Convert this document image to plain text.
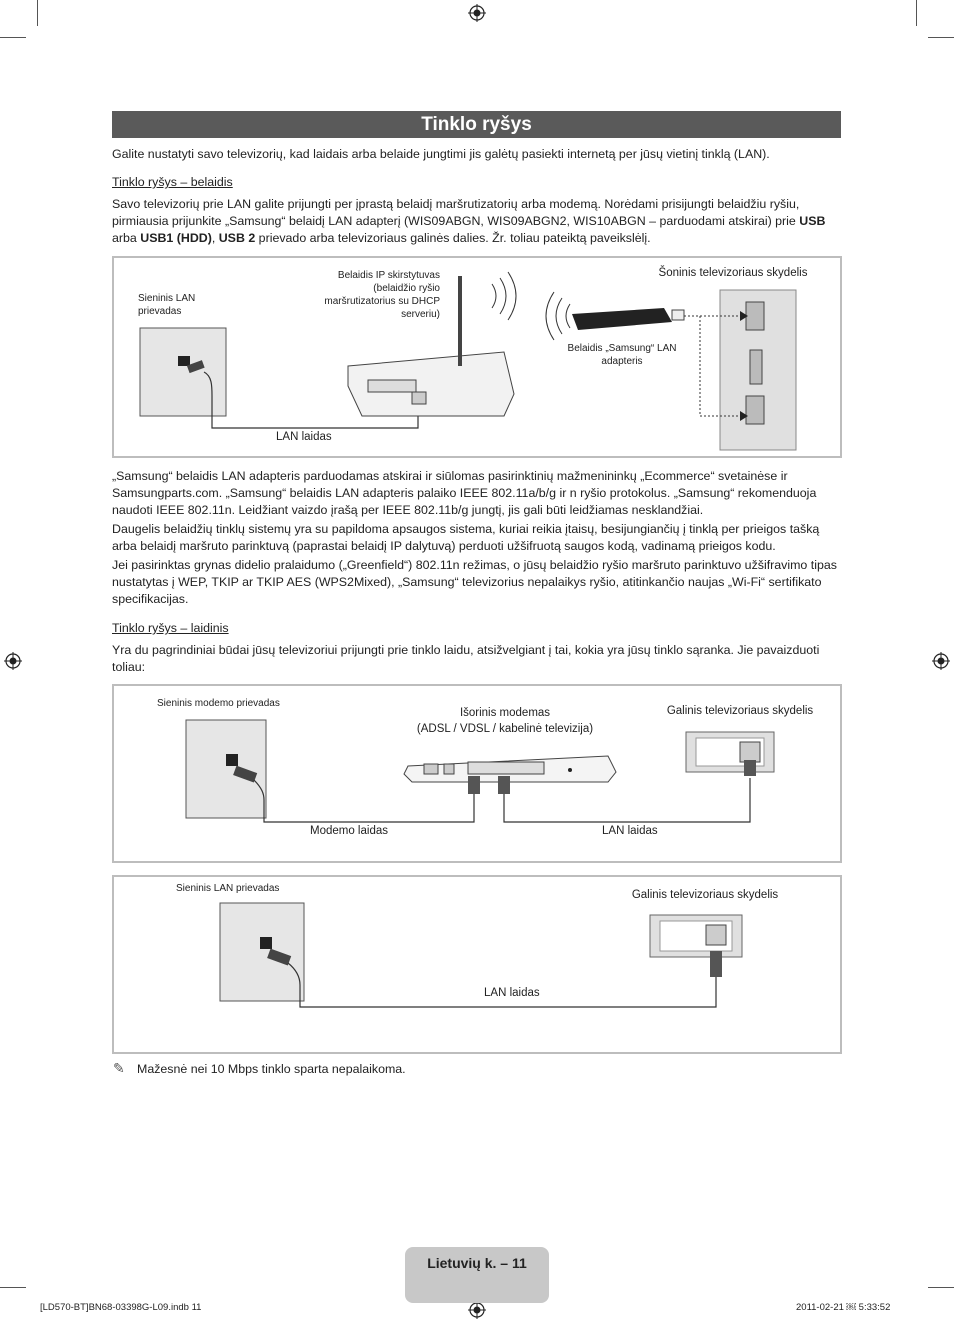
Tinklo ryšys
Galite nustatyti savo televizorių, kad laidais arba belaide jungtimi jis galėtų pasiekti internetą per jūsų vietinį tinklą (LAN).
Tinklo ryšys – belaidis
Savo televizorių prie LAN galite prijungti per įprastą belaidį maršrutizatorių arba modemą. Norėdami prisijungti belaidžiu ryšiu, pirmiausia prijunkite „Samsung“ belaidį LAN adapterį (WIS09ABGN, WIS09ABGN2, WIS10ABGN – parduodami atskirai) prie USB arba USB1 (HDD), USB 2 prievado arba televizoriaus galinės dalies. Žr. toliau pateiktą paveikslėlį.
Sieninis LAN prievadas
Belaidis IP skirstytuvas (belaidžio ryšio maršrutizatorius su DHCP serveriu)
Šoninis televizoriaus skydelis
Belaidis „Samsung“ LAN adapteris
LAN laidas
„Samsung“ belaidis LAN adapteris parduodamas atskirai ir siūlomas pasirinktinių mažmenininkų „Ecommerce“ svetainėse ir Samsungparts.com. „Samsung“ belaidis LAN adapteris palaiko IEEE 802.11a/b/g ir n ryšio protokolus. „Samsung“ rekomenduoja naudoti IEEE 802.11n. Leidžiant vaizdo įrašą per IEEE 802.11b/g jungtį, jis gali būti leidžiamas nesklandžiai.
Daugelis belaidžių tinklų sistemų yra su papildoma apsaugos sistema, kuriai reikia įtaisų, besijungiančių į tinklą per prieigos tašką arba belaidį maršruto parinktuvą (paprastai belaidį IP dalytuvą) perduoti užšifruotą saugos kodą, vadinamą prieigos kodu.
Jei pasirinktas grynas didelio pralaidumo („Greenfield“) 802.11n režimas, o jūsų belaidžio ryšio maršruto parinktuvo užšifravimo tipas nustatytas į WEP, TKIP ar TKIP AES (WPS2Mixed), „Samsung“ televizorius nepalaikys ryšio, atitinkančio naujas „Wi-Fi“ sertifikato specifikacijas.
Tinklo ryšys – laidinis
Yra du pagrindiniai būdai jūsų televizoriui prijungti prie tinklo laidu, atsižvelgiant į tai, kokia yra jūsų tinklo sąranka. Jie pavaizduoti toliau:
Sieninis modemo prievadas
Išorinis modemas
(ADSL / VDSL / kabelinė televizija)
Galinis televizoriaus skydelis
Modemo laidas	LAN laidas
Sieninis LAN prievadas
Galinis televizoriaus skydelis
LAN laidas
✎ Mažesnė nei 10 Mbps tinklo sparta nepalaikoma.
Lietuvių k. – 11
[LD570-BT]BN68-03398G-L09.indb 11	2011-02-21 ￼ 5:33:52
